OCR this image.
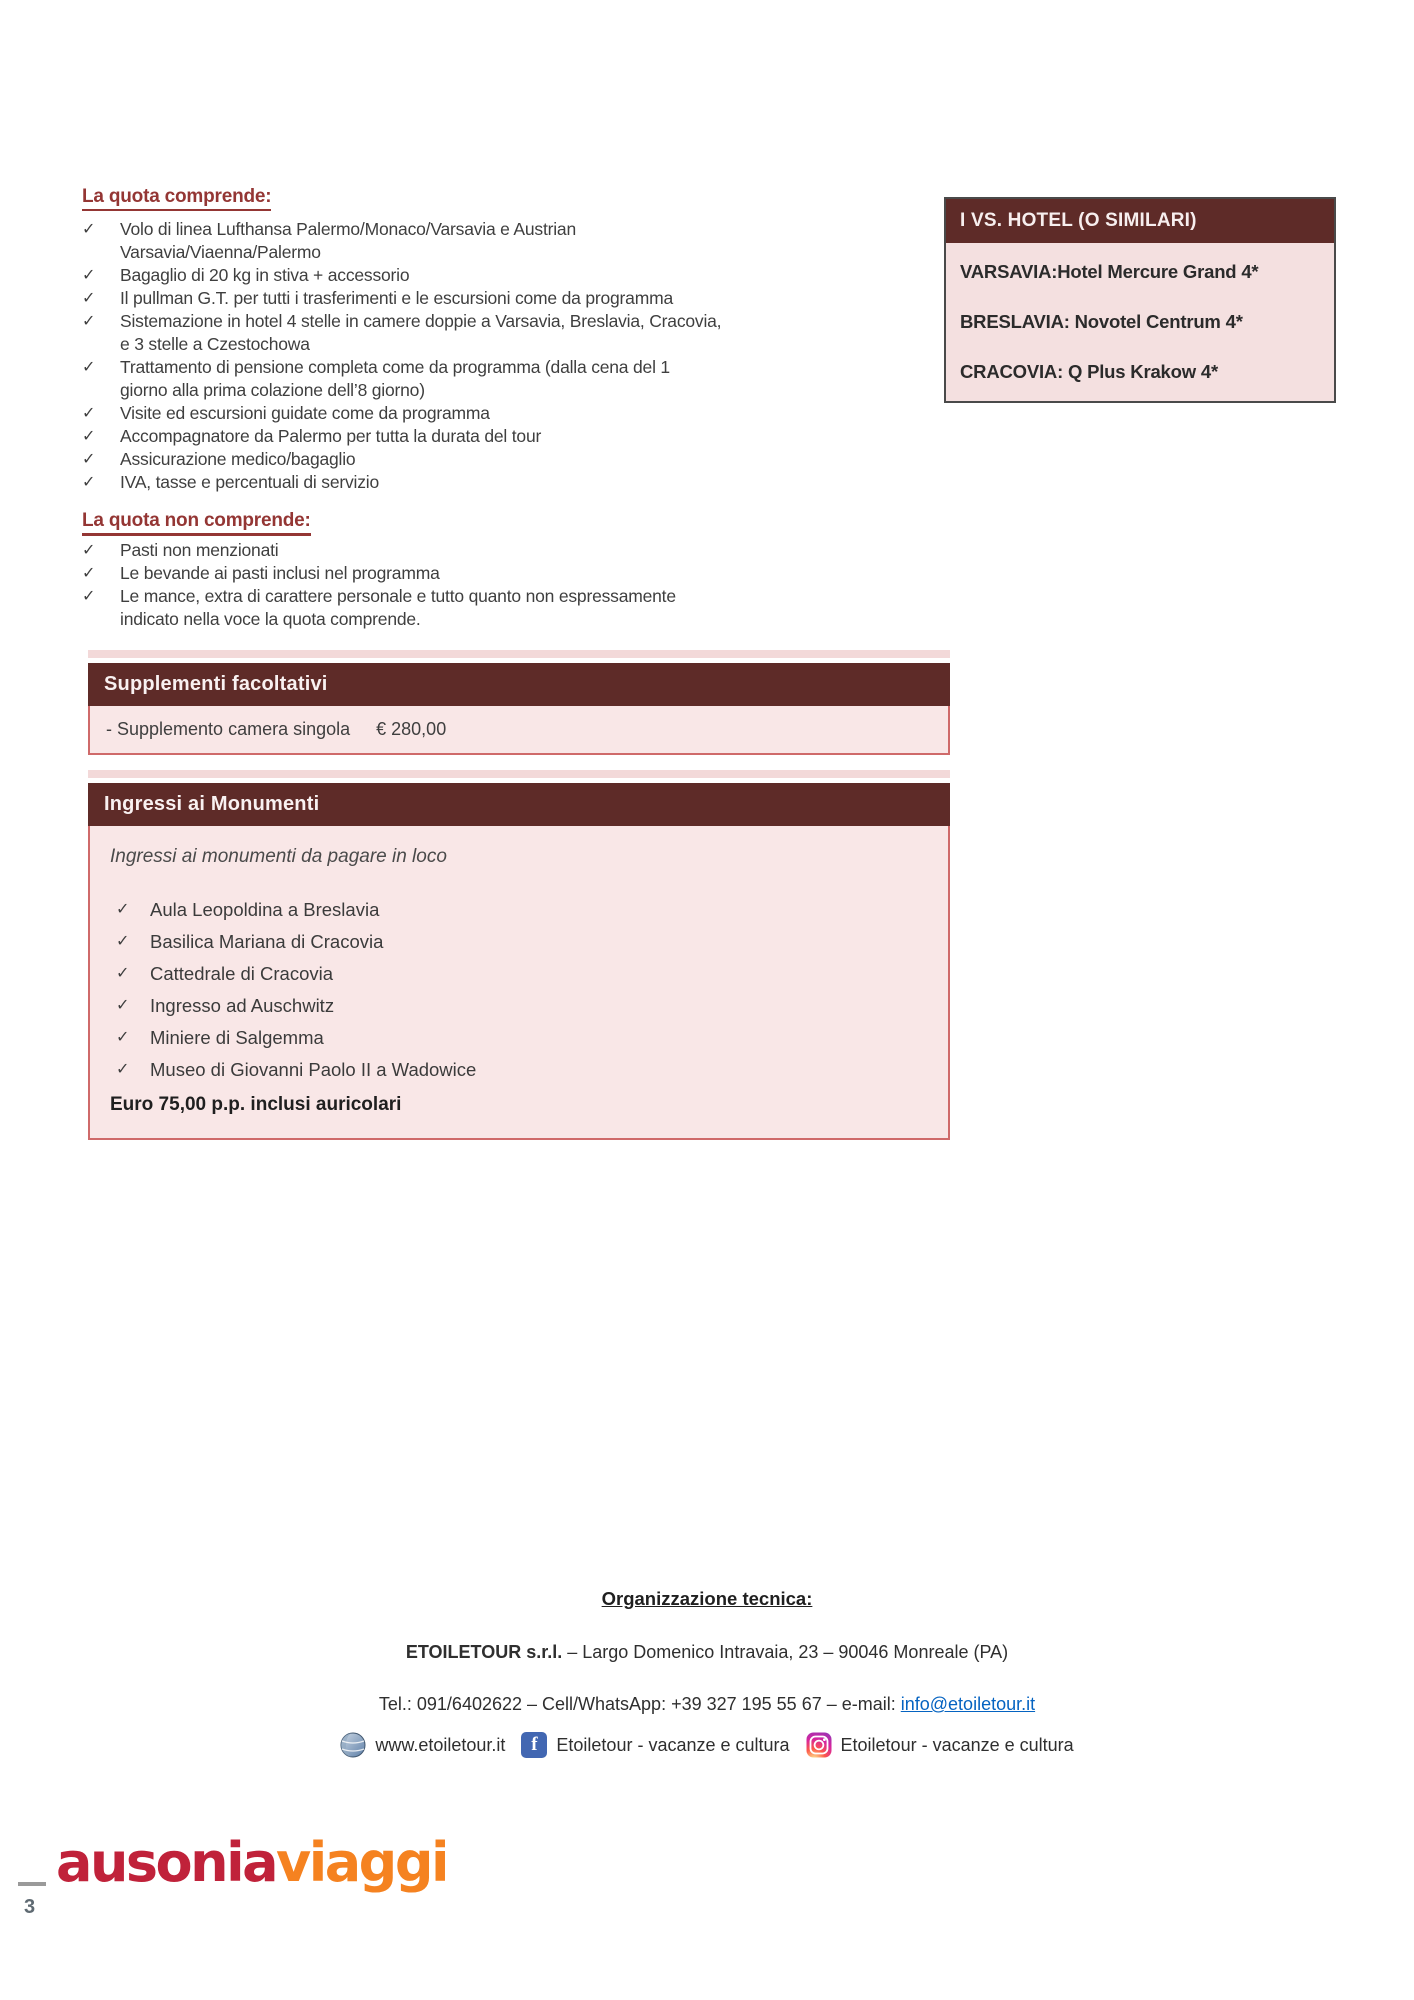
La quota comprende:
✓	Volo di linea Lufthansa Palermo/Monaco/Varsavia e Austrian
Varsavia/Viaenna/Palermo
✓	Bagaglio di 20 kg in stiva + accessorio
✓	Il pullman G.T. per tutti i trasferimenti e le escursioni come da programma
✓	Sistemazione in hotel 4 stelle in camere doppie a Varsavia, Breslavia, Cracovia,
e 3 stelle a Czestochowa
✓	Trattamento di pensione completa come da programma (dalla cena del 1
giorno alla prima colazione dell’8 giorno)
✓	Visite ed escursioni guidate come da programma
✓	Accompagnatore da Palermo per tutta la durata del tour
✓	Assicurazione medico/bagaglio
✓	IVA, tasse e percentuali di servizio
La quota non comprende:
✓	Pasti non menzionati
✓	Le bevande ai pasti inclusi nel programma
✓	Le mance, extra di carattere personale e tutto quanto non espressamente
indicato nella voce la quota comprende.
I VS. HOTEL (O SIMILARI)
VARSAVIA:Hotel Mercure Grand 4*
BRESLAVIA: Novotel Centrum 4*
CRACOVIA: Q Plus Krakow 4*
Supplementi facoltativi
- Supplemento camera singola € 280,00
Ingressi ai Monumenti
Ingressi ai monumenti da pagare in loco
✓	Aula Leopoldina a Breslavia
✓	Basilica Mariana di Cracovia
✓	Cattedrale di Cracovia
✓	Ingresso ad Auschwitz
✓	Miniere di Salgemma
✓	Museo di Giovanni Paolo II a Wadowice
Euro 75,00 p.p. inclusi auricolari
Organizzazione tecnica:
ETOILETOUR s.r.l. – Largo Domenico Intravaia, 23 – 90046 Monreale (PA)
Tel.: 091/6402622 – Cell/WhatsApp: +39 327 195 55 67 – e-mail: info@etoiletour.it
www.etoiletour.it	f	Etoiletour - vacanze e cultura	Etoiletour - vacanze e cultura
ausoniaviaggi
3
